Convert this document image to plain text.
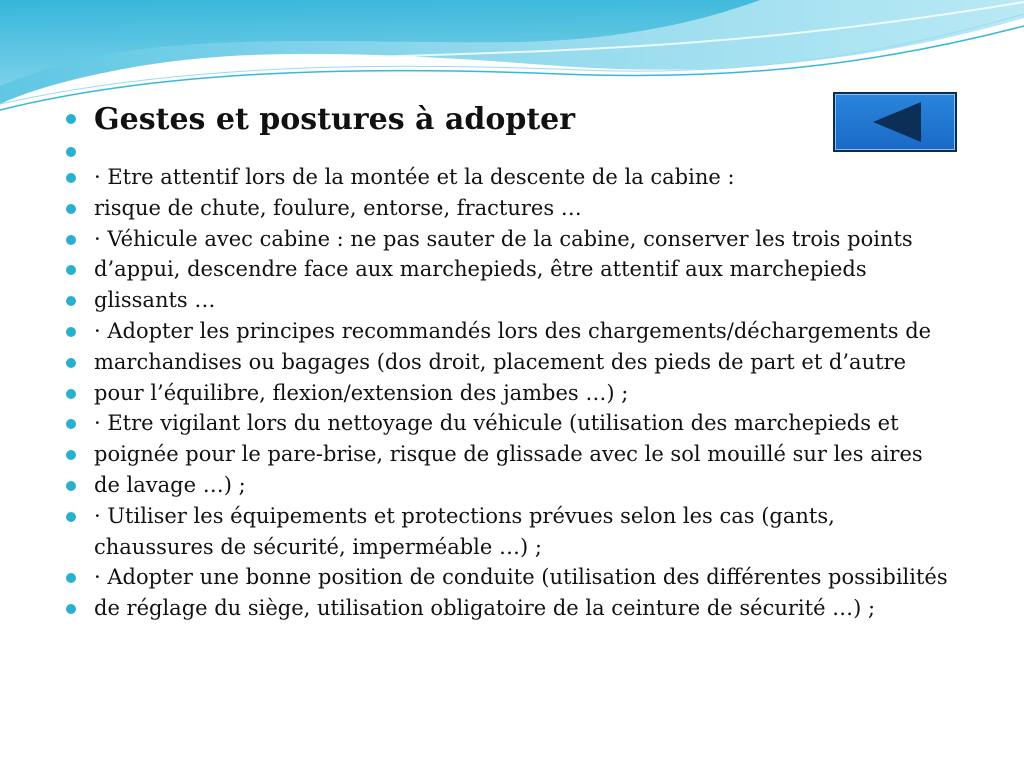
Gestes et postures à adopter
· Etre attentif lors de la montée et la descente de la cabine :
risque de chute, foulure, entorse, fractures …
· Véhicule avec cabine : ne pas sauter de la cabine, conserver les trois points
d’appui, descendre face aux marchepieds, être attentif aux marchepieds
glissants …
· Adopter les principes recommandés lors des chargements/déchargements de
marchandises ou bagages (dos droit, placement des pieds de part et d’autre
pour l’équilibre, flexion/extension des jambes …) ;
· Etre vigilant lors du nettoyage du véhicule (utilisation des marchepieds et
poignée pour le pare-brise, risque de glissade avec le sol mouillé sur les aires
de lavage …) ;
· Utiliser les équipements et protections prévues selon les cas (gants,
chaussures de sécurité, imperméable …) ;
· Adopter une bonne position de conduite (utilisation des différentes possibilités
de réglage du siège, utilisation obligatoire de la ceinture de sécurité …) ;
